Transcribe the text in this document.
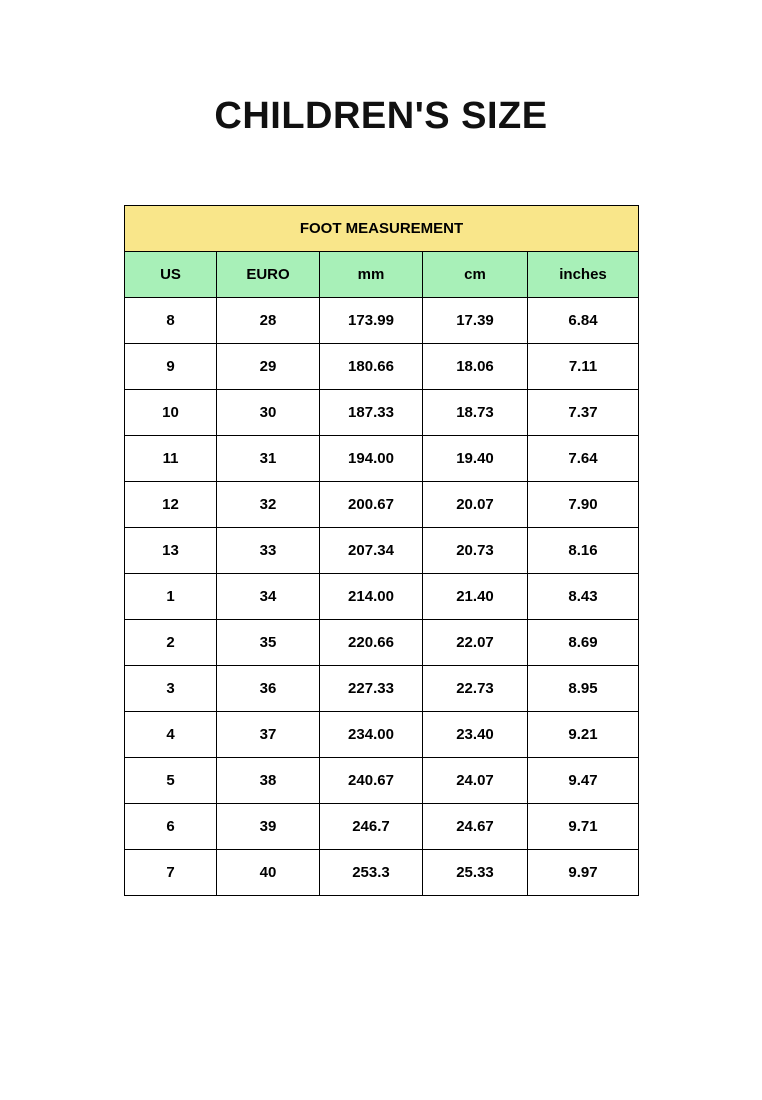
CHILDREN'S SIZE
FOOT MEASUREMENT				
US	EURO	mm	cm	inches
8	28	173.99	17.39	6.84
9	29	180.66	18.06	7.11
10	30	187.33	18.73	7.37
11	31	194.00	19.40	7.64
12	32	200.67	20.07	7.90
13	33	207.34	20.73	8.16
1	34	214.00	21.40	8.43
2	35	220.66	22.07	8.69
3	36	227.33	22.73	8.95
4	37	234.00	23.40	9.21
5	38	240.67	24.07	9.47
6	39	246.7	24.67	9.71
7	40	253.3	25.33	9.97
